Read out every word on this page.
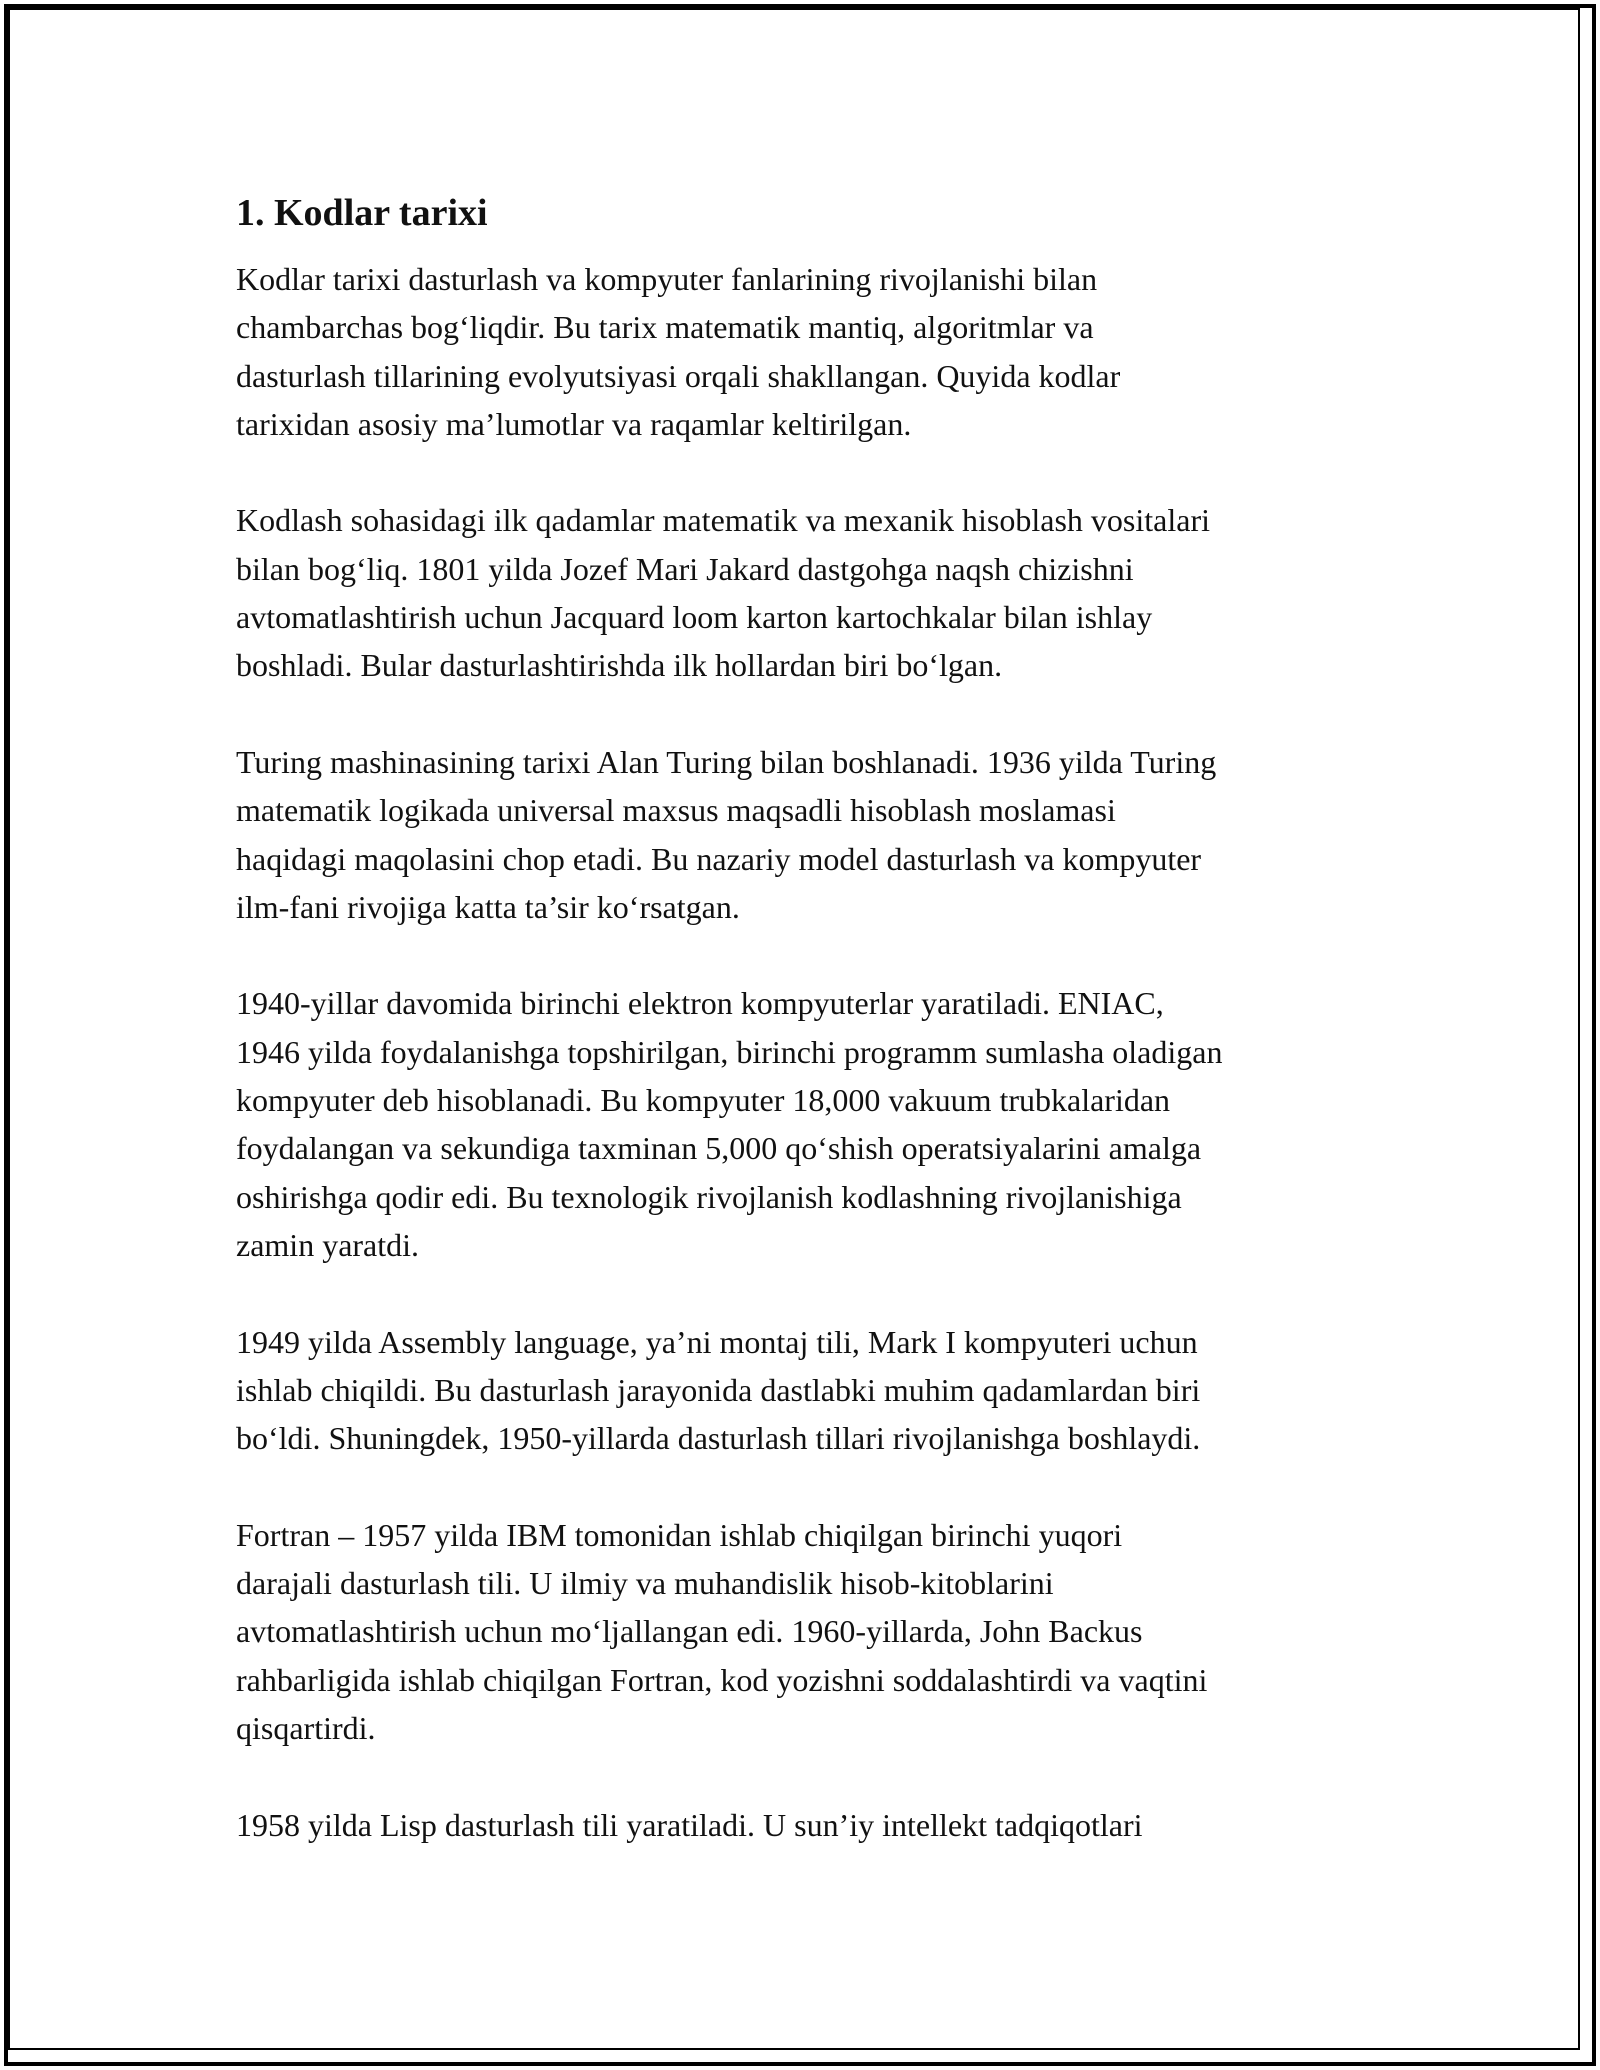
1. Kodlar tarixi

Kodlar tarixi dasturlash va kompyuter fanlarining rivojlanishi bilan
chambarchas bog‘liqdir. Bu tarix matematik mantiq, algoritmlar va
dasturlash tillarining evolyutsiyasi orqali shakllangan. Quyida kodlar
tarixidan asosiy ma’lumotlar va raqamlar keltirilgan.

Kodlash sohasidagi ilk qadamlar matematik va mexanik hisoblash vositalari
bilan bog‘liq. 1801 yilda Jozef Mari Jakard dastgohga naqsh chizishni
avtomatlashtirish uchun Jacquard loom karton kartochkalar bilan ishlay
boshladi. Bular dasturlashtirishda ilk hollardan biri bo‘lgan.

Turing mashinasining tarixi Alan Turing bilan boshlanadi. 1936 yilda Turing
matematik logikada universal maxsus maqsadli hisoblash moslamasi
haqidagi maqolasini chop etadi. Bu nazariy model dasturlash va kompyuter
ilm-fani rivojiga katta ta’sir ko‘rsatgan.

1940-yillar davomida birinchi elektron kompyuterlar yaratiladi. ENIAC,
1946 yilda foydalanishga topshirilgan, birinchi programm sumlasha oladigan
kompyuter deb hisoblanadi. Bu kompyuter 18,000 vakuum trubkalaridan
foydalangan va sekundiga taxminan 5,000 qo‘shish operatsiyalarini amalga
oshirishga qodir edi. Bu texnologik rivojlanish kodlashning rivojlanishiga
zamin yaratdi.

1949 yilda Assembly language, ya’ni montaj tili, Mark I kompyuteri uchun
ishlab chiqildi. Bu dasturlash jarayonida dastlabki muhim qadamlardan biri
bo‘ldi. Shuningdek, 1950-yillarda dasturlash tillari rivojlanishga boshlaydi.

Fortran – 1957 yilda IBM tomonidan ishlab chiqilgan birinchi yuqori
darajali dasturlash tili. U ilmiy va muhandislik hisob-kitoblarini
avtomatlashtirish uchun mo‘ljallangan edi. 1960-yillarda, John Backus
rahbarligida ishlab chiqilgan Fortran, kod yozishni soddalashtirdi va vaqtini
qisqartirdi.

1958 yilda Lisp dasturlash tili yaratiladi. U sun’iy intellekt tadqiqotlari
